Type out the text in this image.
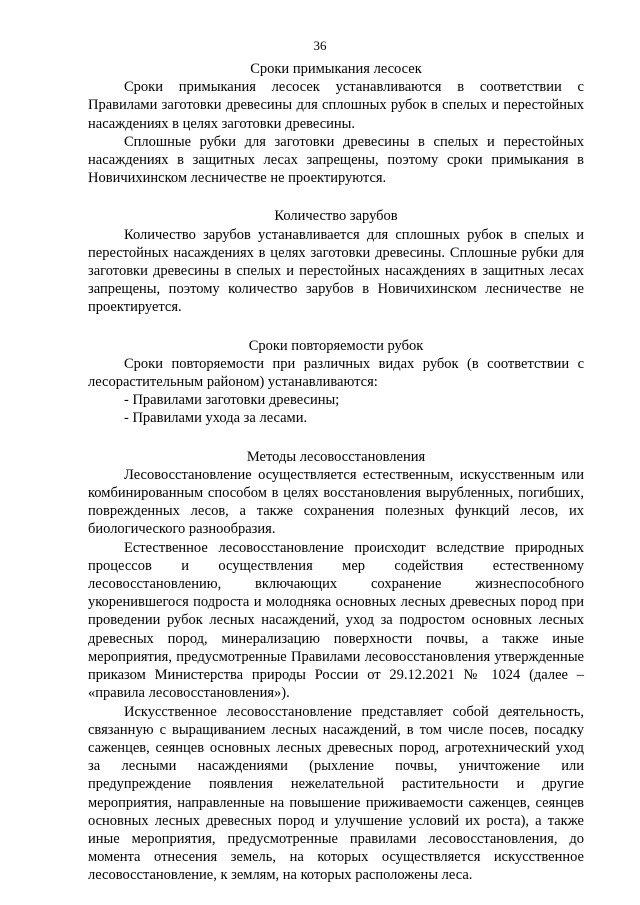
36

Сроки примыкания лесосек

Сроки примыкания лесосек устанавливаются в соответствии с Правилами заготовки древесины для сплошных рубок в спелых и перестойных насаждениях в целях заготовки древесины.

Сплошные рубки для заготовки древесины в спелых и перестойных насаждениях в защитных лесах запрещены, поэтому сроки примыкания в Новичихинском лесничестве не проектируются.

Количество зарубов

Количество зарубов устанавливается для сплошных рубок в спелых и перестойных насаждениях в целях заготовки древесины. Сплошные рубки для заготовки древесины в спелых и перестойных насаждениях в защитных лесах запрещены, поэтому количество зарубов в Новичихинском лесничестве не проектируется.

Сроки повторяемости рубок

Сроки повторяемости при различных видах рубок (в соответствии с лесорастительным районом) устанавливаются:

- Правилами заготовки древесины;

- Правилами ухода за лесами.

Методы лесовосстановления

Лесовосстановление осуществляется естественным, искусственным или комбинированным способом в целях восстановления вырубленных, погибших, поврежденных лесов, а также сохранения полезных функций лесов, их биологического разнообразия.

Естественное лесовосстановление происходит вследствие природных процессов и осуществления мер содействия естественному лесовосстановлению, включающих сохранение жизнеспособного укоренившегося подроста и молодняка основных лесных древесных пород при проведении рубок лесных насаждений, уход за подростом основных лесных древесных пород, минерализацию поверхности почвы, а также иные мероприятия, предусмотренные Правилами лесовосстановления утвержденные приказом Министерства природы России от 29.12.2021 № 1024 (далее – «правила лесовосстановления»).

Искусственное лесовосстановление представляет собой деятельность, связанную с выращиванием лесных насаждений, в том числе посев, посадку саженцев, сеянцев основных лесных древесных пород, агротехнический уход за лесными насаждениями (рыхление почвы, уничтожение или предупреждение появления нежелательной растительности и другие мероприятия, направленные на повышение приживаемости саженцев, сеянцев основных лесных древесных пород и улучшение условий их роста), а также иные мероприятия, предусмотренные правилами лесовосстановления, до момента отнесения земель, на которых осуществляется искусственное лесовосстановление, к землям, на которых расположены леса.
